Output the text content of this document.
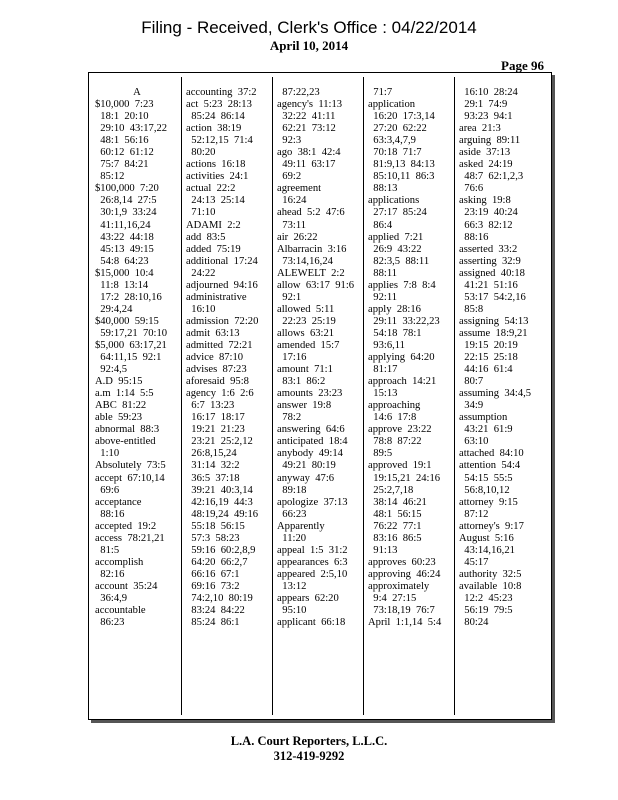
Filing - Received, Clerk's Office : 04/22/2014
April 10, 2014
Page 96
A
$10,000  7:23
18:1  20:10
29:10  43:17,22
48:1  56:16
60:12  61:12
75:7  84:21
85:12
$100,000  7:20
26:8,14  27:5
30:1,9  33:24
41:11,16,24
43:22  44:18
45:13  49:15
54:8  64:23
$15,000  10:4
11:8  13:14
17:2  28:10,16
29:4,24
$40,000  59:15
59:17,21  70:10
$5,000  63:17,21
64:11,15  92:1
92:4,5
A.D  95:15
a.m  1:14  5:5
ABC  81:22
able  59:23
abnormal  88:3
above-entitled
1:10
Absolutely  73:5
accept  67:10,14
69:6
acceptance
88:16
accepted  19:2
access  78:21,21
81:5
accomplish
82:16
account  35:24
36:4,9
accountable
86:23
accounting  37:2
act  5:23  28:13
85:24  86:14
action  38:19
52:12,15  71:4
80:20
actions  16:18
activities  24:1
actual  22:2
24:13  25:14
71:10
ADAMI  2:2
add  83:5
added  75:19
additional  17:24
24:22
adjourned  94:16
administrative
16:10
admission  72:20
admit  63:13
admitted  72:21
advice  87:10
advises  87:23
aforesaid  95:8
agency  1:6  2:6
6:7  13:23
16:17  18:17
19:21  21:23
23:21  25:2,12
26:8,15,24
31:14  32:2
36:5  37:18
39:21  40:3,14
42:16,19  44:3
48:19,24  49:16
55:18  56:15
57:3  58:23
59:16  60:2,8,9
64:20  66:2,7
66:16  67:1
69:16  73:2
74:2,10  80:19
83:24  84:22
85:24  86:1
87:22,23
agency's  11:13
32:22  41:11
62:21  73:12
92:3
ago  38:1  42:4
49:11  63:17
69:2
agreement
16:24
ahead  5:2  47:6
73:11
air  26:22
Albarracin  3:16
73:14,16,24
ALEWELT  2:2
allow  63:17  91:6
92:1
allowed  5:11
22:23  25:19
allows  63:21
amended  15:7
17:16
amount  71:1
83:1  86:2
amounts  23:23
answer  19:8
78:2
answering  64:6
anticipated  18:4
anybody  49:14
49:21  80:19
anyway  47:6
89:18
apologize  37:13
66:23
Apparently
11:20
appeal  1:5  31:2
appearances  6:3
appeared  2:5,10
13:12
appears  62:20
95:10
applicant  66:18
71:7
application
16:20  17:3,14
27:20  62:22
63:3,4,7,9
70:18  71:7
81:9,13  84:13
85:10,11  86:3
88:13
applications
27:17  85:24
86:4
applied  7:21
26:9  43:22
82:3,5  88:11
88:11
applies  7:8  8:4
92:11
apply  28:16
29:11  33:22,23
54:18  78:1
93:6,11
applying  64:20
81:17
approach  14:21
15:13
approaching
14:6  17:8
approve  23:22
78:8  87:22
89:5
approved  19:1
19:15,21  24:16
25:2,7,18
38:14  46:21
48:1  56:15
76:22  77:1
83:16  86:5
91:13
approves  60:23
approving  46:24
approximately
9:4  27:15
73:18,19  76:7
April  1:1,14  5:4
16:10  28:24
29:1  74:9
93:23  94:1
area  21:3
arguing  89:11
aside  37:13
asked  24:19
48:7  62:1,2,3
76:6
asking  19:8
23:19  40:24
66:3  82:12
88:16
asserted  33:2
asserting  32:9
assigned  40:18
41:21  51:16
53:17  54:2,16
85:8
assigning  54:13
assume  18:9,21
19:15  20:19
22:15  25:18
44:16  61:4
80:7
assuming  34:4,5
34:9
assumption
43:21  61:9
63:10
attached  84:10
attention  54:4
54:15  55:5
56:8,10,12
attorney  9:15
87:12
attorney's  9:17
August  5:16
43:14,16,21
45:17
authority  32:5
available  10:8
12:2  45:23
56:19  79:5
80:24
L.A. Court Reporters, L.L.C.
312-419-9292
